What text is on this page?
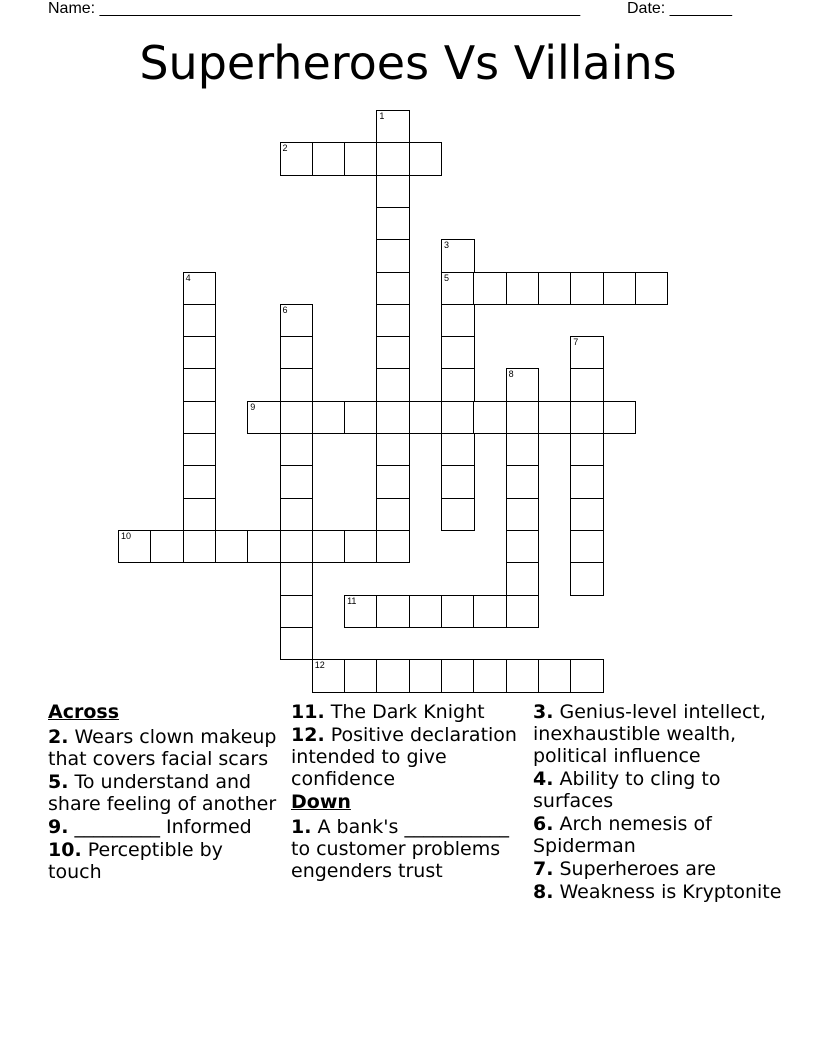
Name: ______________________________________________________	Date: _______
Superheroes Vs Villains
1
2
3
4	5
6
7
8
9
10
11
12
Across
2. Wears clown makeup that covers facial scars
5. To understand and share feeling of another
9. _________ Informed
10. Perceptible by touch
11. The Dark Knight
12. Positive declaration intended to give confidence
Down
1. A bank's ___________ to customer problems engenders trust
3. Genius-level intellect, inexhaustible wealth, political influence
4. Ability to cling to surfaces
6. Arch nemesis of Spiderman
7. Superheroes are
8. Weakness is Kryptonite
